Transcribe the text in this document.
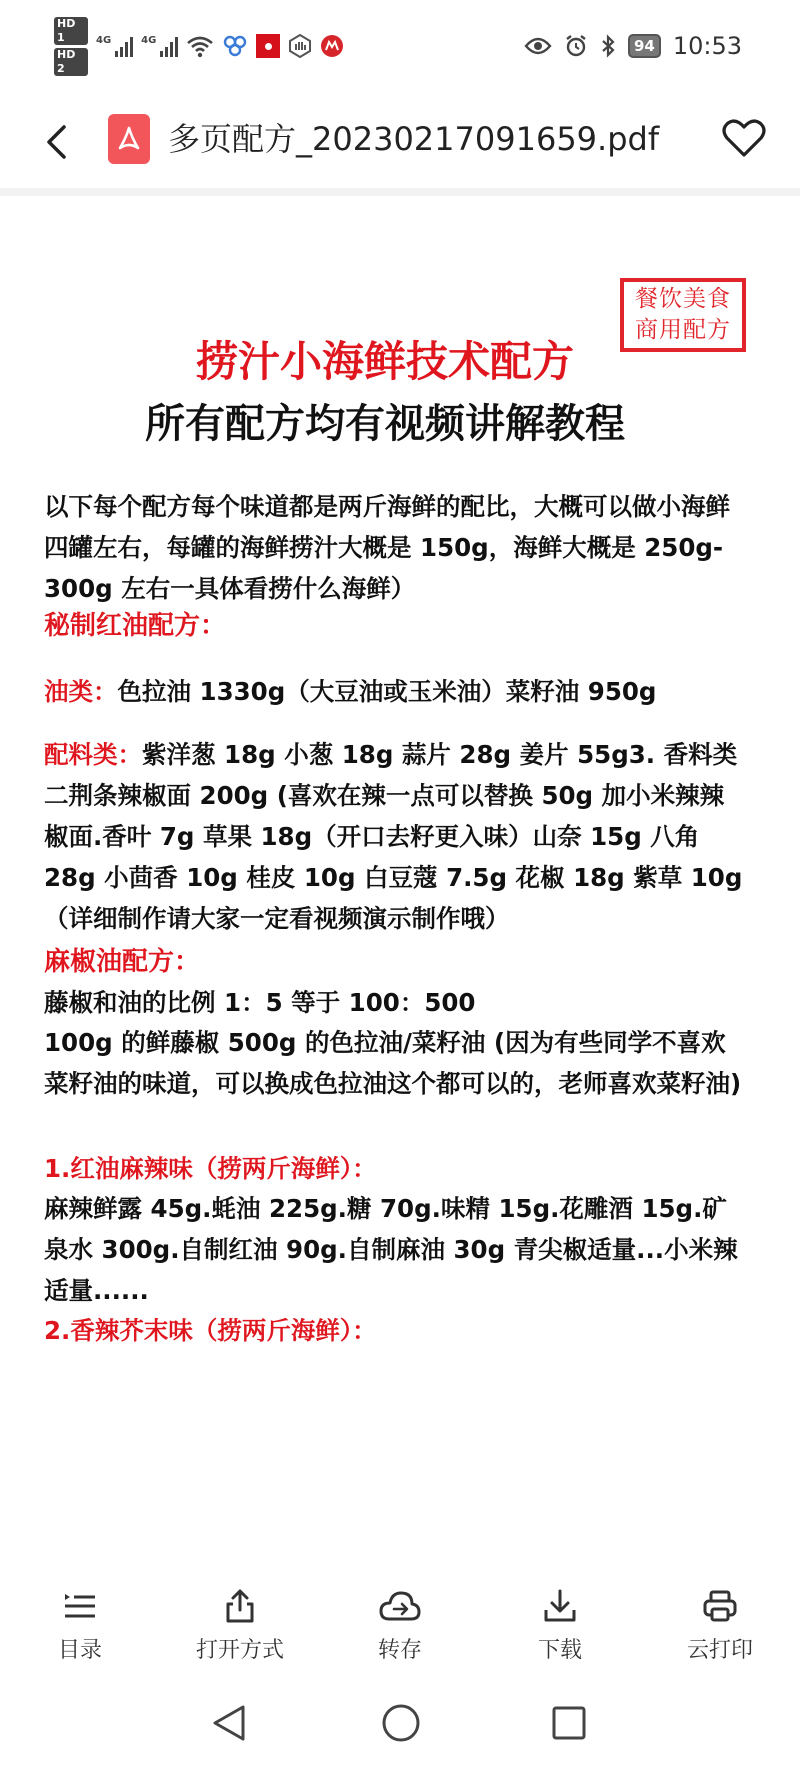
HD 1
HD 2
4G	4G	94 10:53
多页配方_20230217091659.pdf
餐饮美食
商用配方
捞汁小海鲜技术配方
所有配方均有视频讲解教程
以下每个配方每个味道都是两斤海鲜的配比，大概可以做小海鲜四罐左右，每罐的海鲜捞汁大概是 150g，海鲜大概是 250g-300g 左右一具体看捞什么海鲜）
秘制红油配方：
油类：色拉油 1330g（大豆油或玉米油）菜籽油 950g
配料类：紫洋葱 18g 小葱 18g 蒜片 28g 姜片 55g3. 香料类二荆条辣椒面 200g (喜欢在辣一点可以替换 50g 加小米辣辣椒面.香叶 7g 草果 18g（开口去籽更入味）山奈 15g 八角 28g 小茴香 10g 桂皮 10g 白豆蔻 7.5g 花椒 18g 紫草 10g（详细制作请大家一定看视频演示制作哦）
麻椒油配方：
藤椒和油的比例 1：5 等于 100：500
100g 的鲜藤椒 500g 的色拉油/菜籽油 (因为有些同学不喜欢菜籽油的味道，可以换成色拉油这个都可以的，老师喜欢菜籽油)
1.红油麻辣味（捞两斤海鲜）：
麻辣鲜露 45g.蚝油 225g.糖 70g.味精 15g.花雕酒 15g.矿泉水 300g.自制红油 90g.自制麻油 30g 青尖椒适量...小米辣适量......
2.香辣芥末味（捞两斤海鲜）：
目录	打开方式	转存	下载	云打印
